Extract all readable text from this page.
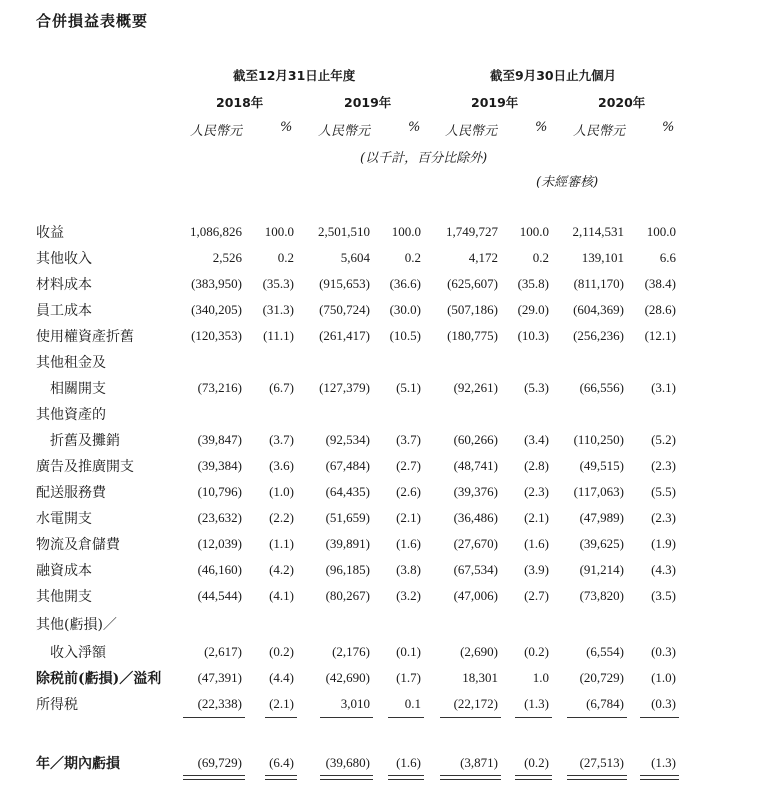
合併損益表概要
截至12月31日止年度	截至9月30日止九個月
2018年	2019年	2019年	2020年
人民幣元	% 人民幣元	% 人民幣元	% 人民幣元	%
(以千計，百分比除外)
(未經審核)
收益	1,086,826 100.0 2,501,510 100.0 1,749,727 100.0 2,114,531 100.0
其他收入	2,526	0.2	5,604	0.2	4,172	0.2	139,101	6.6
材料成本	(383,950) (35.3) (915,653) (36.6) (625,607) (35.8) (811,170) (38.4)
員工成本	(340,205) (31.3) (750,724) (30.0) (507,186) (29.0) (604,369) (28.6)
使用權資產折舊	(120,353) (11.1) (261,417) (10.5) (180,775) (10.3) (256,236) (12.1)
其他租金及
　相關開支	(73,216) (6.7) (127,379) (5.1)	(92,261) (5.3) (66,556) (3.1)
其他資產的
　折舊及攤銷	(39,847) (3.7) (92,534) (3.7)	(60,266) (3.4) (110,250) (5.2)
廣告及推廣開支	(39,384) (3.6) (67,484) (2.7)	(48,741) (2.8) (49,515) (2.3)
配送服務費	(10,796) (1.0) (64,435) (2.6)	(39,376) (2.3) (117,063) (5.5)
水電開支	(23,632) (2.2) (51,659) (2.1)	(36,486) (2.1) (47,989) (2.3)
物流及倉儲費	(12,039) (1.1) (39,891) (1.6)	(27,670) (1.6) (39,625) (1.9)
融資成本	(46,160) (4.2) (96,185) (3.8)	(67,534) (3.9) (91,214) (4.3)
其他開支	(44,544) (4.1) (80,267) (3.2)	(47,006) (2.7) (73,820) (3.5)
其他(虧損)／
　收入淨額	(2,617) (0.2)	(2,176) (0.1)	(2,690) (0.2)	(6,554) (0.3)
除税前(虧損)／溢利	(47,391) (4.4) (42,690) (1.7)	18,301	1.0 (20,729) (1.0)
所得税	(22,338) (2.1)	3,010	0.1	(22,172) (1.3)	(6,784) (0.3)
年／期內虧損	(69,729) (6.4) (39,680) (1.6)	(3,871) (0.2) (27,513) (1.3)
